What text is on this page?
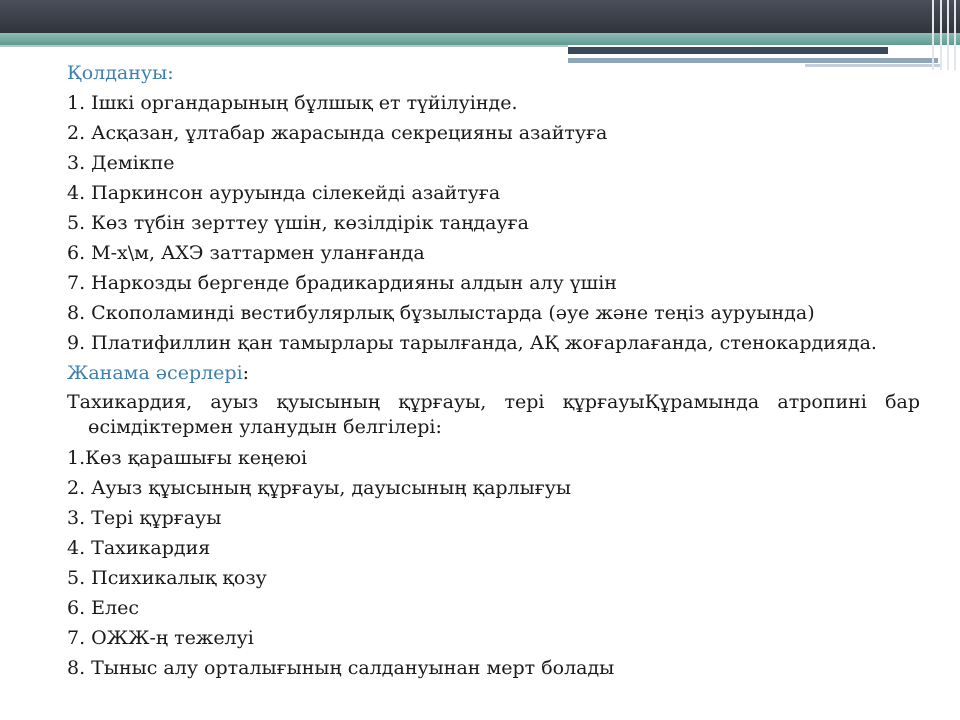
Қолдануы:

1. Ішкі органдарының бұлшық ет түйілуінде.

2. Асқазан, ұлтабар жарасында секрецияны азайтуға

3. Демікпе

4. Паркинсон ауруында сілекейді азайтуға

5. Көз түбін зерттеу үшін, көзілдірік таңдауға

6. М-х\м, АХЭ заттармен уланғанда

7. Наркозды бергенде брадикардияны алдын алу үшін

8. Скополаминді вестибулярлық бұзылыстарда (әуе және теңіз ауруында)

9. Платифиллин қан тамырлары тарылғанда, АҚ жоғарлағанда, стенокардияда.

Жанама әсерлері:

Тахикардия, ауыз қуысының құрғауы, тері құрғауыҚұрамында атропині бар өсімдіктермен уланудын белгілері:

1.Көз қарашығы кеңеюі

2. Ауыз құысының құрғауы, дауысының қарлығуы

3. Тері құрғауы

4. Тахикардия

5. Психикалық қозу

6. Елес

7. ОЖЖ-ң тежелуі

8. Тыныс алу орталығының салдануынан мерт болады
